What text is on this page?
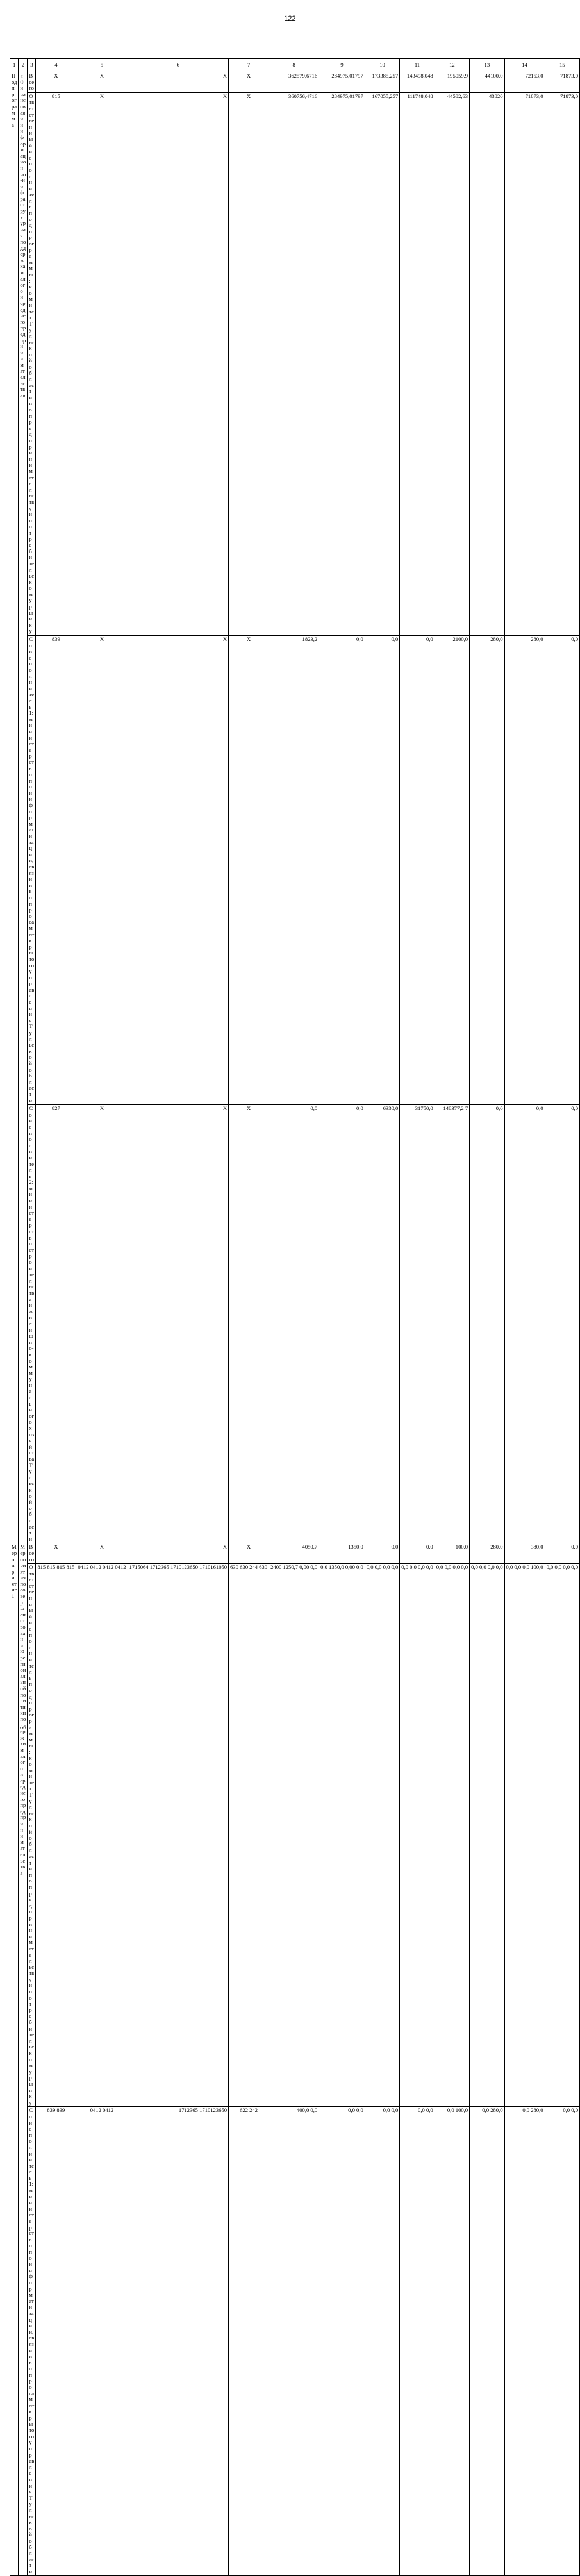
122
1	2	3	4	5	6	7	8	9	10	11	12	13	14	15
Подпрограмма	«Финансовая и информационно-инфраструктурная поддержка малого и среднего предпринимательства»	Всего	X	X	X	X	362579,6716	284975,01797	173385,257	143498,048	195059,9	44100,0	72153,0	71873,0
		Ответственный исполнитель подпрограммы: комитет Тульской области по предпринимательству и потребительскому рынку	815	X	X	X	360756,4716	284975,01797	167055,257	111748,048	44582,63	43820	71873,0	71873,0
		Соисполнитель 1: министерство по информатизации, связи и вопросам открытого управления Тульской области	839	X	X	X	1823,2	0,0	0,0	0,0	2100,0	280,0	280,0	0,0
		Соисполнитель 2: министерство строительства и жилищно-коммунального хозяйства Тульской области	827	X	X	X	0,0	0,0	6330,0	31750,0	148377,2 7	0,0	0,0	0,0
Мероприятие 1	Мероприятия по совершенствованию региональной политики поддержки малого и среднего предпринимательства	Всего	X	X	X	X	4050,7	1350,0	0,0	0,0	100,0	280,0	380,0	0,0
		Ответственный исполнитель подпрограммы: комитет Тульской области по предпринимательству и потребительскому рынку	815 815 815 815	0412 0412 0412 0412	1715064 1712365 1710123650 1710161050	630 630 244 630	2400 1250,7 0,00 0,0	0,0 1350,0 0,00 0,0	0,0 0,0 0,0 0,0	0,0 0,0 0,0 0,0	0,0 0,0 0,0 0,0	0,0 0,0 0,0 0,0	0,0 0,0 0,0 100,0	0,0 0,0 0,0 0,0
		Соисполнитель 1: министерство по информатизации, связи и вопросам открытого управления Тульской области	839 839	0412 0412	1712365 1710123650	622 242	400,0 0,0	0,0 0,0	0,0 0,0	0,0 0,0	0,0 100,0	0,0 280,0	0,0 280,0	0,0 0,0
